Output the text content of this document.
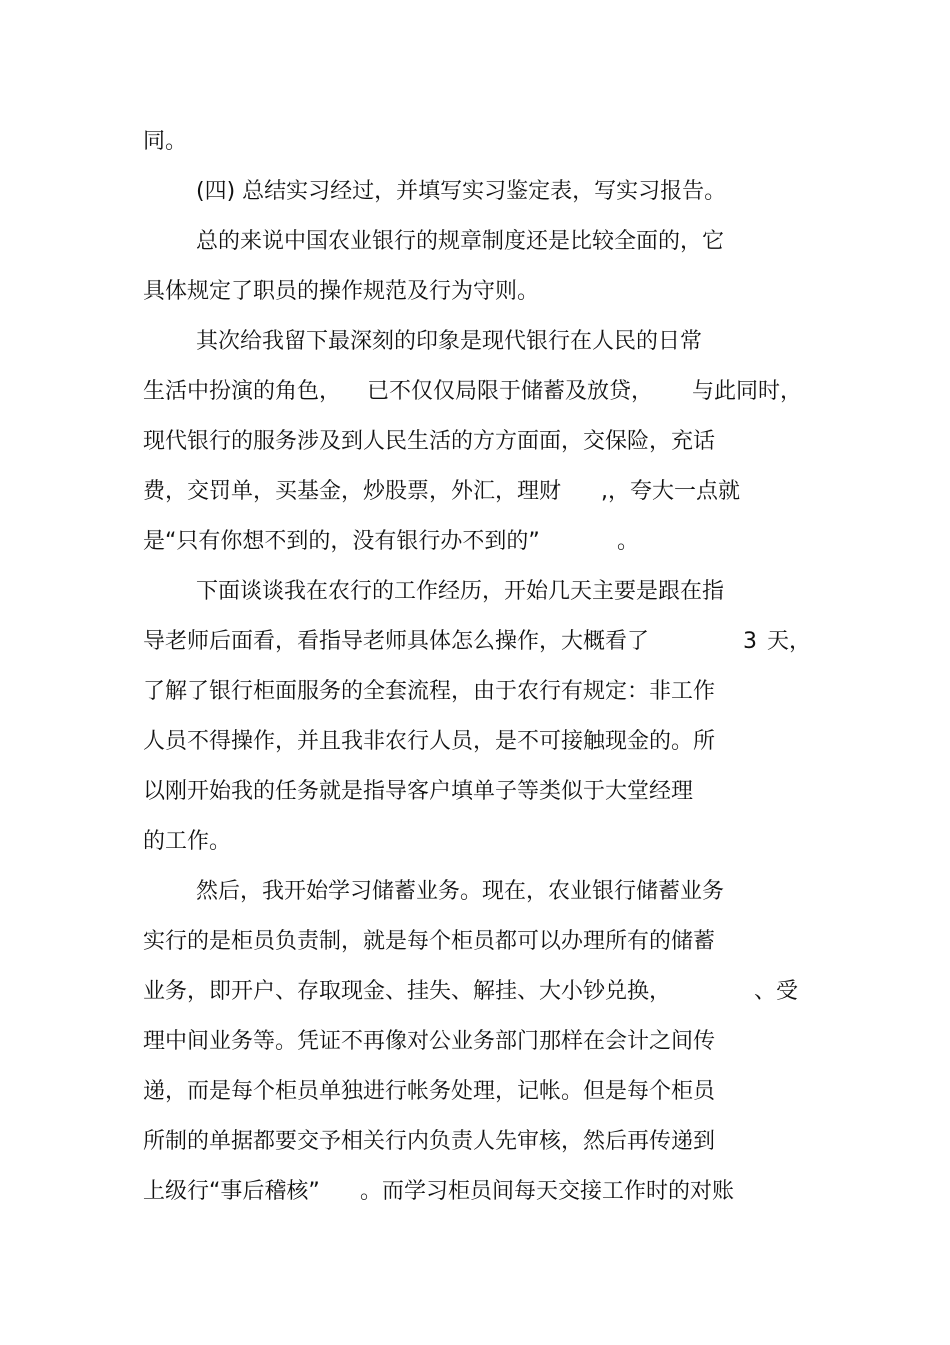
同。
(四) 总结实习经过，并填写实习鉴定表，写实习报告。
总的来说中国农业银行的规章制度还是比较全面的，它
具体规定了职员的操作规范及行为守则。
其次给我留下最深刻的印象是现代银行在人民的日常
生活中扮演的角色， 已不仅仅局限于储蓄及放贷， 与此同时，
现代银行的服务涉及到人民生活的方方面面，交保险，充话
费，交罚单，买基金，炒股票，外汇，理财 ,，夸大一点就
是“只有你想不到的，没有银行办不到的”	。
下面谈谈我在农行的工作经历，开始几天主要是跟在指
导老师后面看，看指导老师具体怎么操作，大概看了	3 天，
了解了银行柜面服务的全套流程，由于农行有规定：非工作
人员不得操作，并且我非农行人员，是不可接触现金的。所
以刚开始我的任务就是指导客户填单子等类似于大堂经理
的工作。
然后，我开始学习储蓄业务。现在，农业银行储蓄业务
实行的是柜员负责制，就是每个柜员都可以办理所有的储蓄
业务，即开户、存取现金、挂失、解挂、大小钞兑换，	、受
理中间业务等。凭证不再像对公业务部门那样在会计之间传
递，而是每个柜员单独进行帐务处理，记帐。但是每个柜员
所制的单据都要交予相关行内负责人先审核，然后再传递到
上级行“事后稽核” 。而学习柜员间每天交接工作时的对账
